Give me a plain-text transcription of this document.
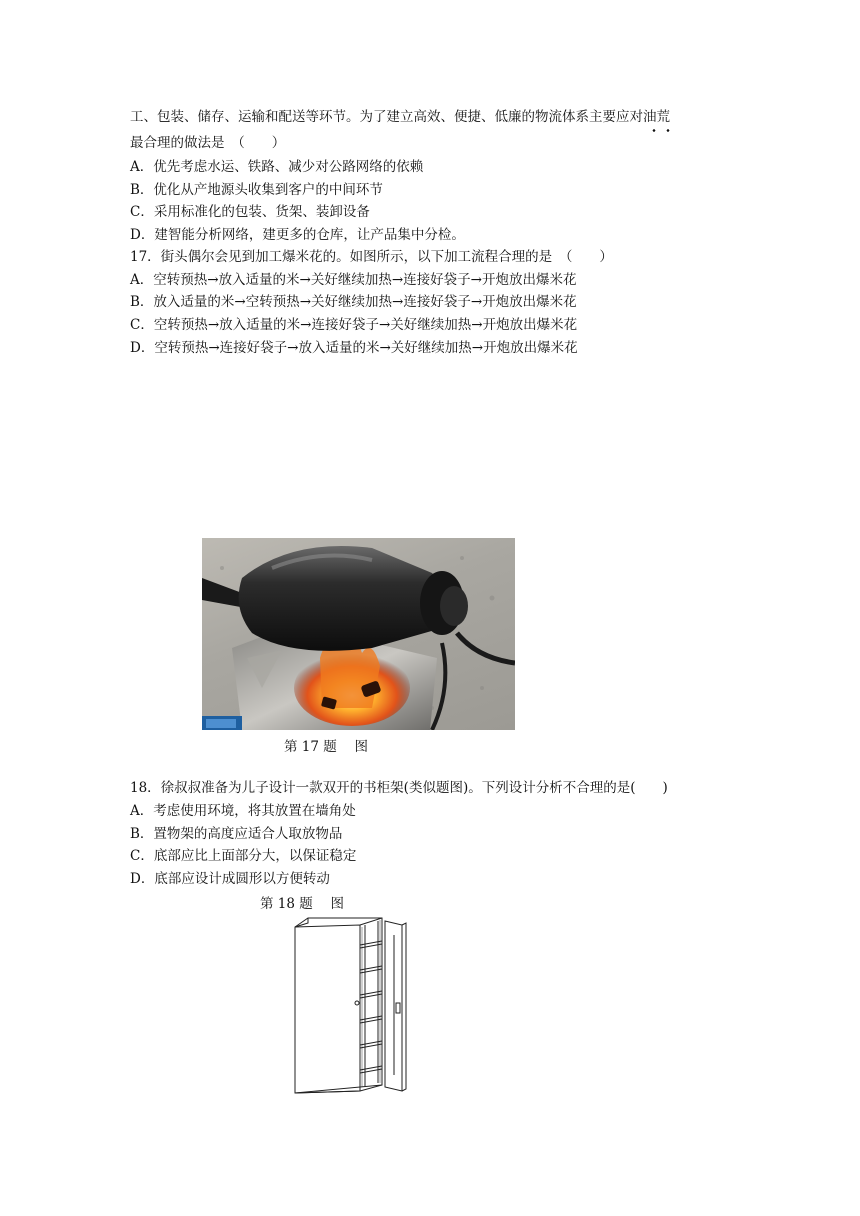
工、包装、储存、运输和配送等环节。为了建立高效、便捷、低廉的物流体系主要应对油荒
最合理的做法是　（　　）
A．优先考虑水运、铁路、减少对公路网络的依赖
B．优化从产地源头收集到客户的中间环节
C．采用标准化的包装、货架、装卸设备
D．建智能分析网络，建更多的仓库，让产品集中分检。
17．街头偶尔会见到加工爆米花的。如图所示，以下加工流程合理的是　（　　）
A．空转预热→放入适量的米→关好继续加热→连接好袋子→开炮放出爆米花
B．放入适量的米→空转预热→关好继续加热→连接好袋子→开炮放出爆米花
C．空转预热→放入适量的米→连接好袋子→关好继续加热→开炮放出爆米花
D．空转预热→连接好袋子→放入适量的米→关好继续加热→开炮放出爆米花
第 17 题　 图
18．徐叔叔准备为儿子设计一款双开的书柜架(类似题图)。下列设计分析不合理的是(　　)
A．考虑使用环境，将其放置在墙角处
B．置物架的高度应适合人取放物品
C．底部应比上面部分大，以保证稳定
D．底部应设计成圆形以方便转动
第 18 题　 图
